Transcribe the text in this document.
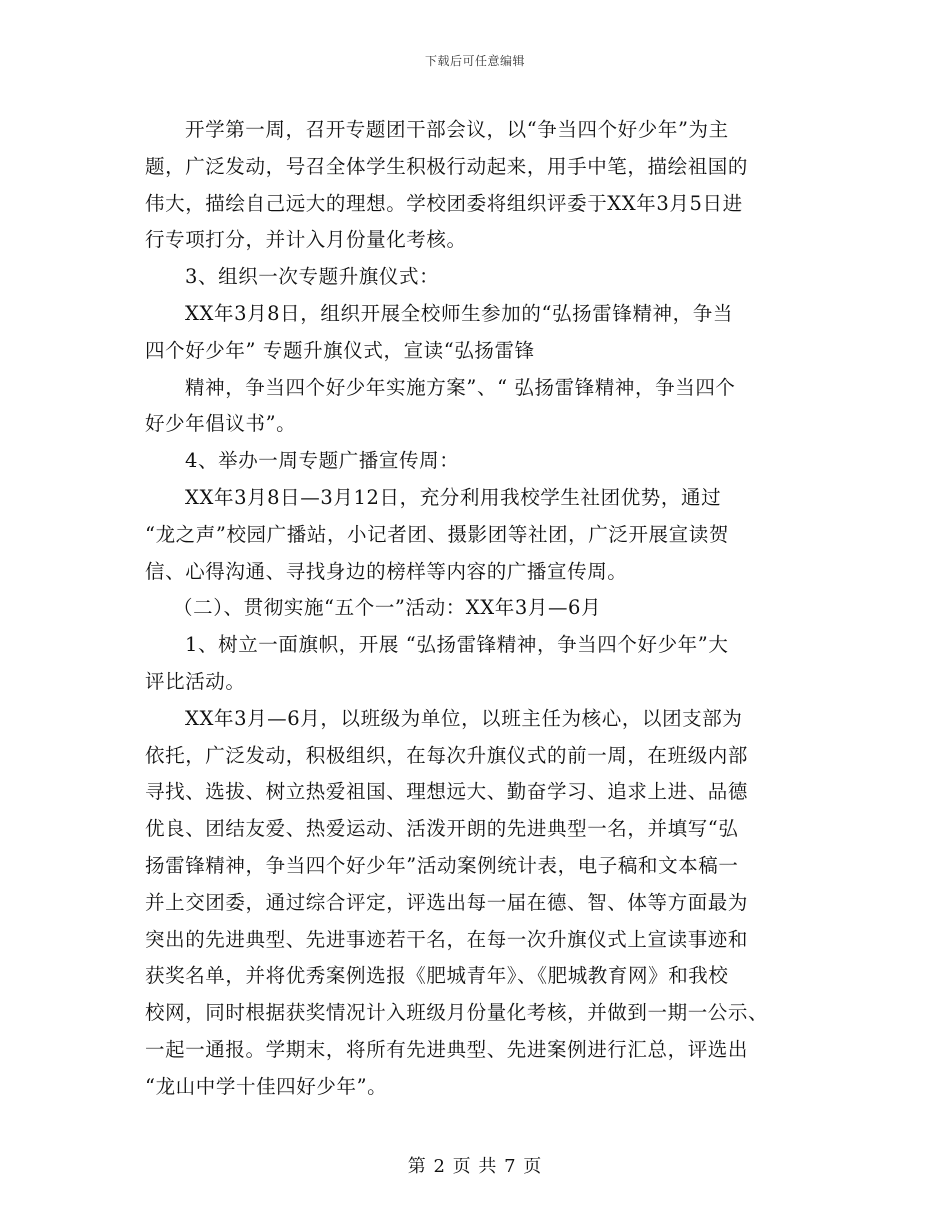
下载后可任意编辑
开学第一周，召开专题团干部会议，以“争当四个好少年”为主
题，广泛发动，号召全体学生积极行动起来，用手中笔，描绘祖国的
伟大，描绘自己远大的理想。学校团委将组织评委于XX年3月5日进
行专项打分，并计入月份量化考核。
3、组织一次专题升旗仪式：
XX年3月8日，组织开展全校师生参加的“弘扬雷锋精神，争当
四个好少年” 专题升旗仪式，宣读“弘扬雷锋
精神，争当四个好少年实施方案”、“ 弘扬雷锋精神，争当四个
好少年倡议书”。
4、举办一周专题广播宣传周：
XX年3月8日—3月12日，充分利用我校学生社团优势，通过
“龙之声”校园广播站，小记者团、摄影团等社团，广泛开展宣读贺
信、心得沟通、寻找身边的榜样等内容的广播宣传周。
（二）、贯彻实施“五个一”活动：XX年3月—6月
1、树立一面旗帜，开展 “弘扬雷锋精神，争当四个好少年”大
评比活动。
XX年3月—6月，以班级为单位，以班主任为核心，以团支部为
依托，广泛发动，积极组织，在每次升旗仪式的前一周，在班级内部
寻找、选拔、树立热爱祖国、理想远大、勤奋学习、追求上进、品德
优良、团结友爱、热爱运动、活泼开朗的先进典型一名，并填写“弘
扬雷锋精神，争当四个好少年”活动案例统计表，电子稿和文本稿一
并上交团委，通过综合评定，评选出每一届在德、智、体等方面最为
突出的先进典型、先进事迹若干名，在每一次升旗仪式上宣读事迹和
获奖名单，并将优秀案例选报《肥城青年》、《肥城教育网》和我校
校网，同时根据获奖情况计入班级月份量化考核，并做到一期一公示、
一起一通报。学期末，将所有先进典型、先进案例进行汇总，评选出
“龙山中学十佳四好少年”。
第 2 页 共 7 页
